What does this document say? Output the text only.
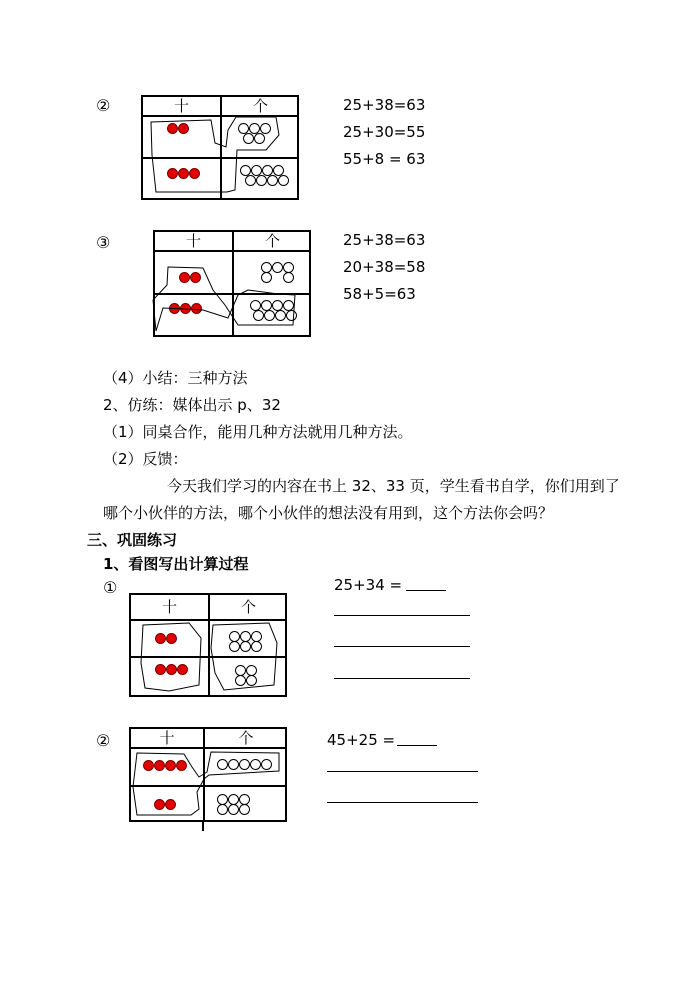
②	十	个	25+38=63
25+30=55
55+8 = 63
③	十	个	25+38=63
20+38=58
58+5=63
（4）小结：三种方法
2、仿练：媒体出示 p、32
（1）同桌合作，能用几种方法就用几种方法。
（2）反馈：
今天我们学习的内容在书上 32、33 页，学生看书自学，你们用到了
哪个小伙伴的方法，哪个小伙伴的想法没有用到，这个方法你会吗？
三、巩固练习
1、看图写出计算过程
①
十	个
25+34 =
②	十	个	45+25 =
